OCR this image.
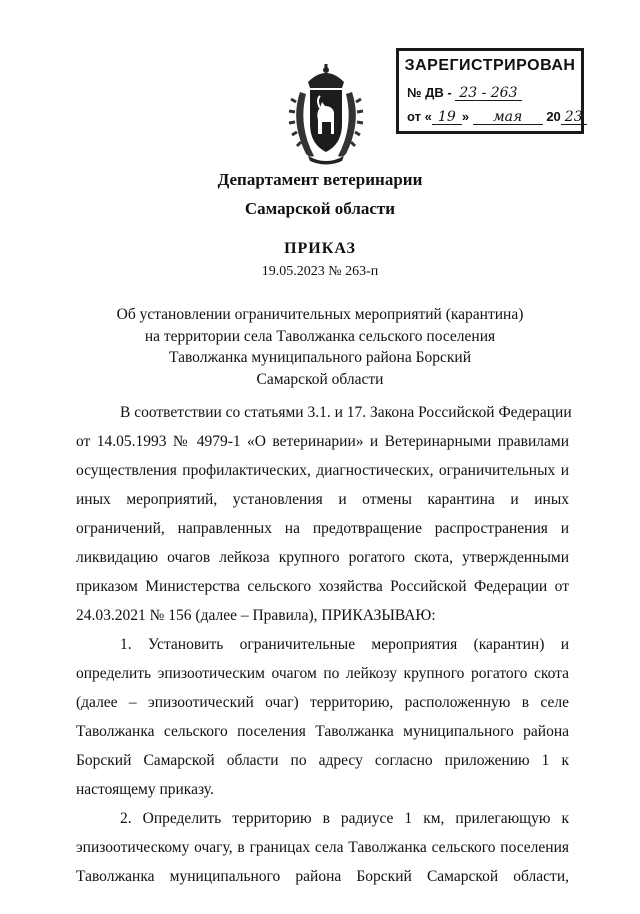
ЗАРЕГИСТРИРОВАН
№ ДВ - 23 - 263
от « 19 » мая 20 23
Департамент ветеринарии
Самарской области
ПРИКАЗ
19.05.2023 № 263-п
Об установлении ограничительных мероприятий (карантина)
на территории села Таволжанка сельского поселения
Таволжанка муниципального района Борский
Самарской области
В соответствии со статьями 3.1. и 17. Закона Российской Федерации
от 14.05.1993 № 4979-1 «О ветеринарии» и Ветеринарными правилами
осуществления профилактических, диагностических, ограничительных и
иных мероприятий, установления и отмены карантина и иных
ограничений, направленных на предотвращение распространения и
ликвидацию очагов лейкоза крупного рогатого скота, утвержденными
приказом Министерства сельского хозяйства Российской Федерации от
24.03.2021 № 156 (далее – Правила), ПРИКАЗЫВАЮ:
1. Установить ограничительные мероприятия (карантин) и
определить эпизоотическим очагом по лейкозу крупного рогатого скота
(далее – эпизоотический очаг) территорию, расположенную в селе
Таволжанка сельского поселения Таволжанка муниципального района
Борский Самарской области по адресу согласно приложению 1 к
настоящему приказу.
2. Определить территорию в радиусе 1 км, прилегающую к
эпизоотическому очагу, в границах села Таволжанка сельского поселения
Таволжанка муниципального района Борский Самарской области,
